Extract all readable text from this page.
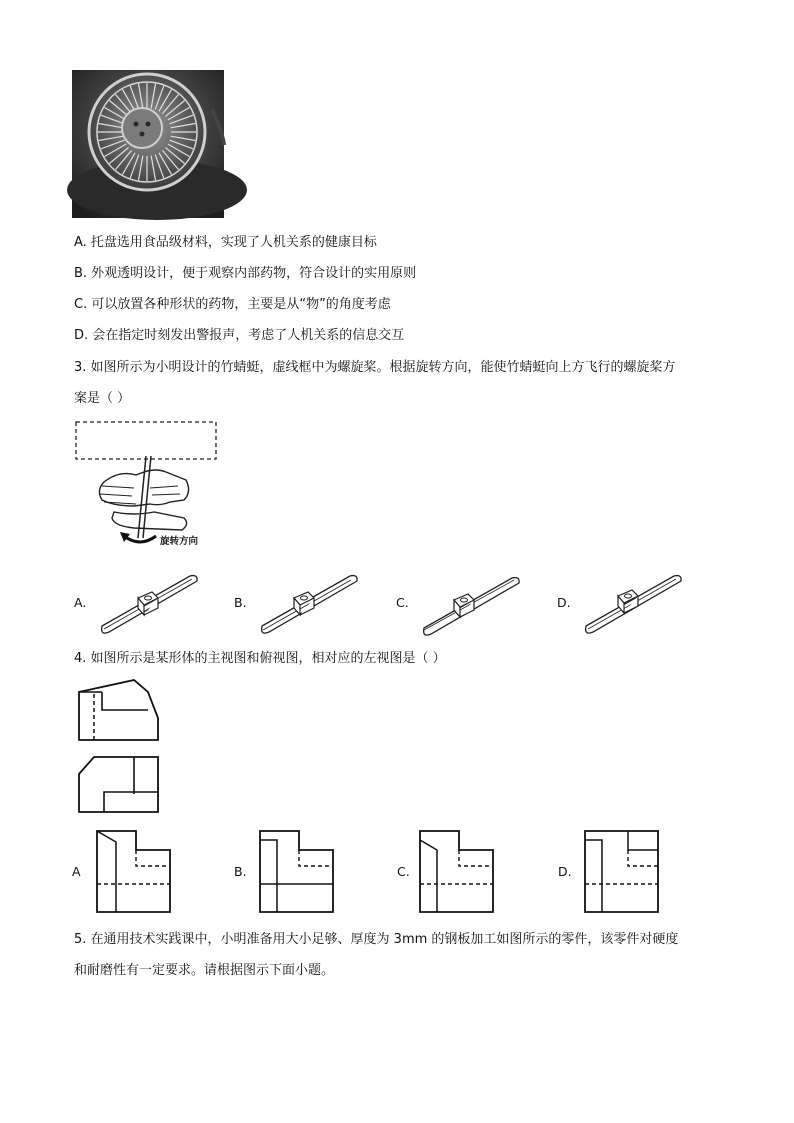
A. 托盘选用食品级材料，实现了人机关系的健康目标
B. 外观透明设计，便于观察内部药物，符合设计的实用原则
C. 可以放置各种形状的药物，主要是从“物”的角度考虑
D. 会在指定时刻发出警报声，考虑了人机关系的信息交互
3. 如图所示为小明设计的竹蜻蜓，虚线框中为螺旋桨。根据旋转方向，能使竹蜻蜓向上方飞行的螺旋桨方
案是（ ）
旋转方向
A.	B.	C.	D.
4. 如图所示是某形体的主视图和俯视图，相对应的左视图是（ ）
A	B.	C.	D.
5. 在通用技术实践课中，小明准备用大小足够、厚度为 3mm 的钢板加工如图所示的零件，该零件对硬度
和耐磨性有一定要求。请根据图示下面小题。
